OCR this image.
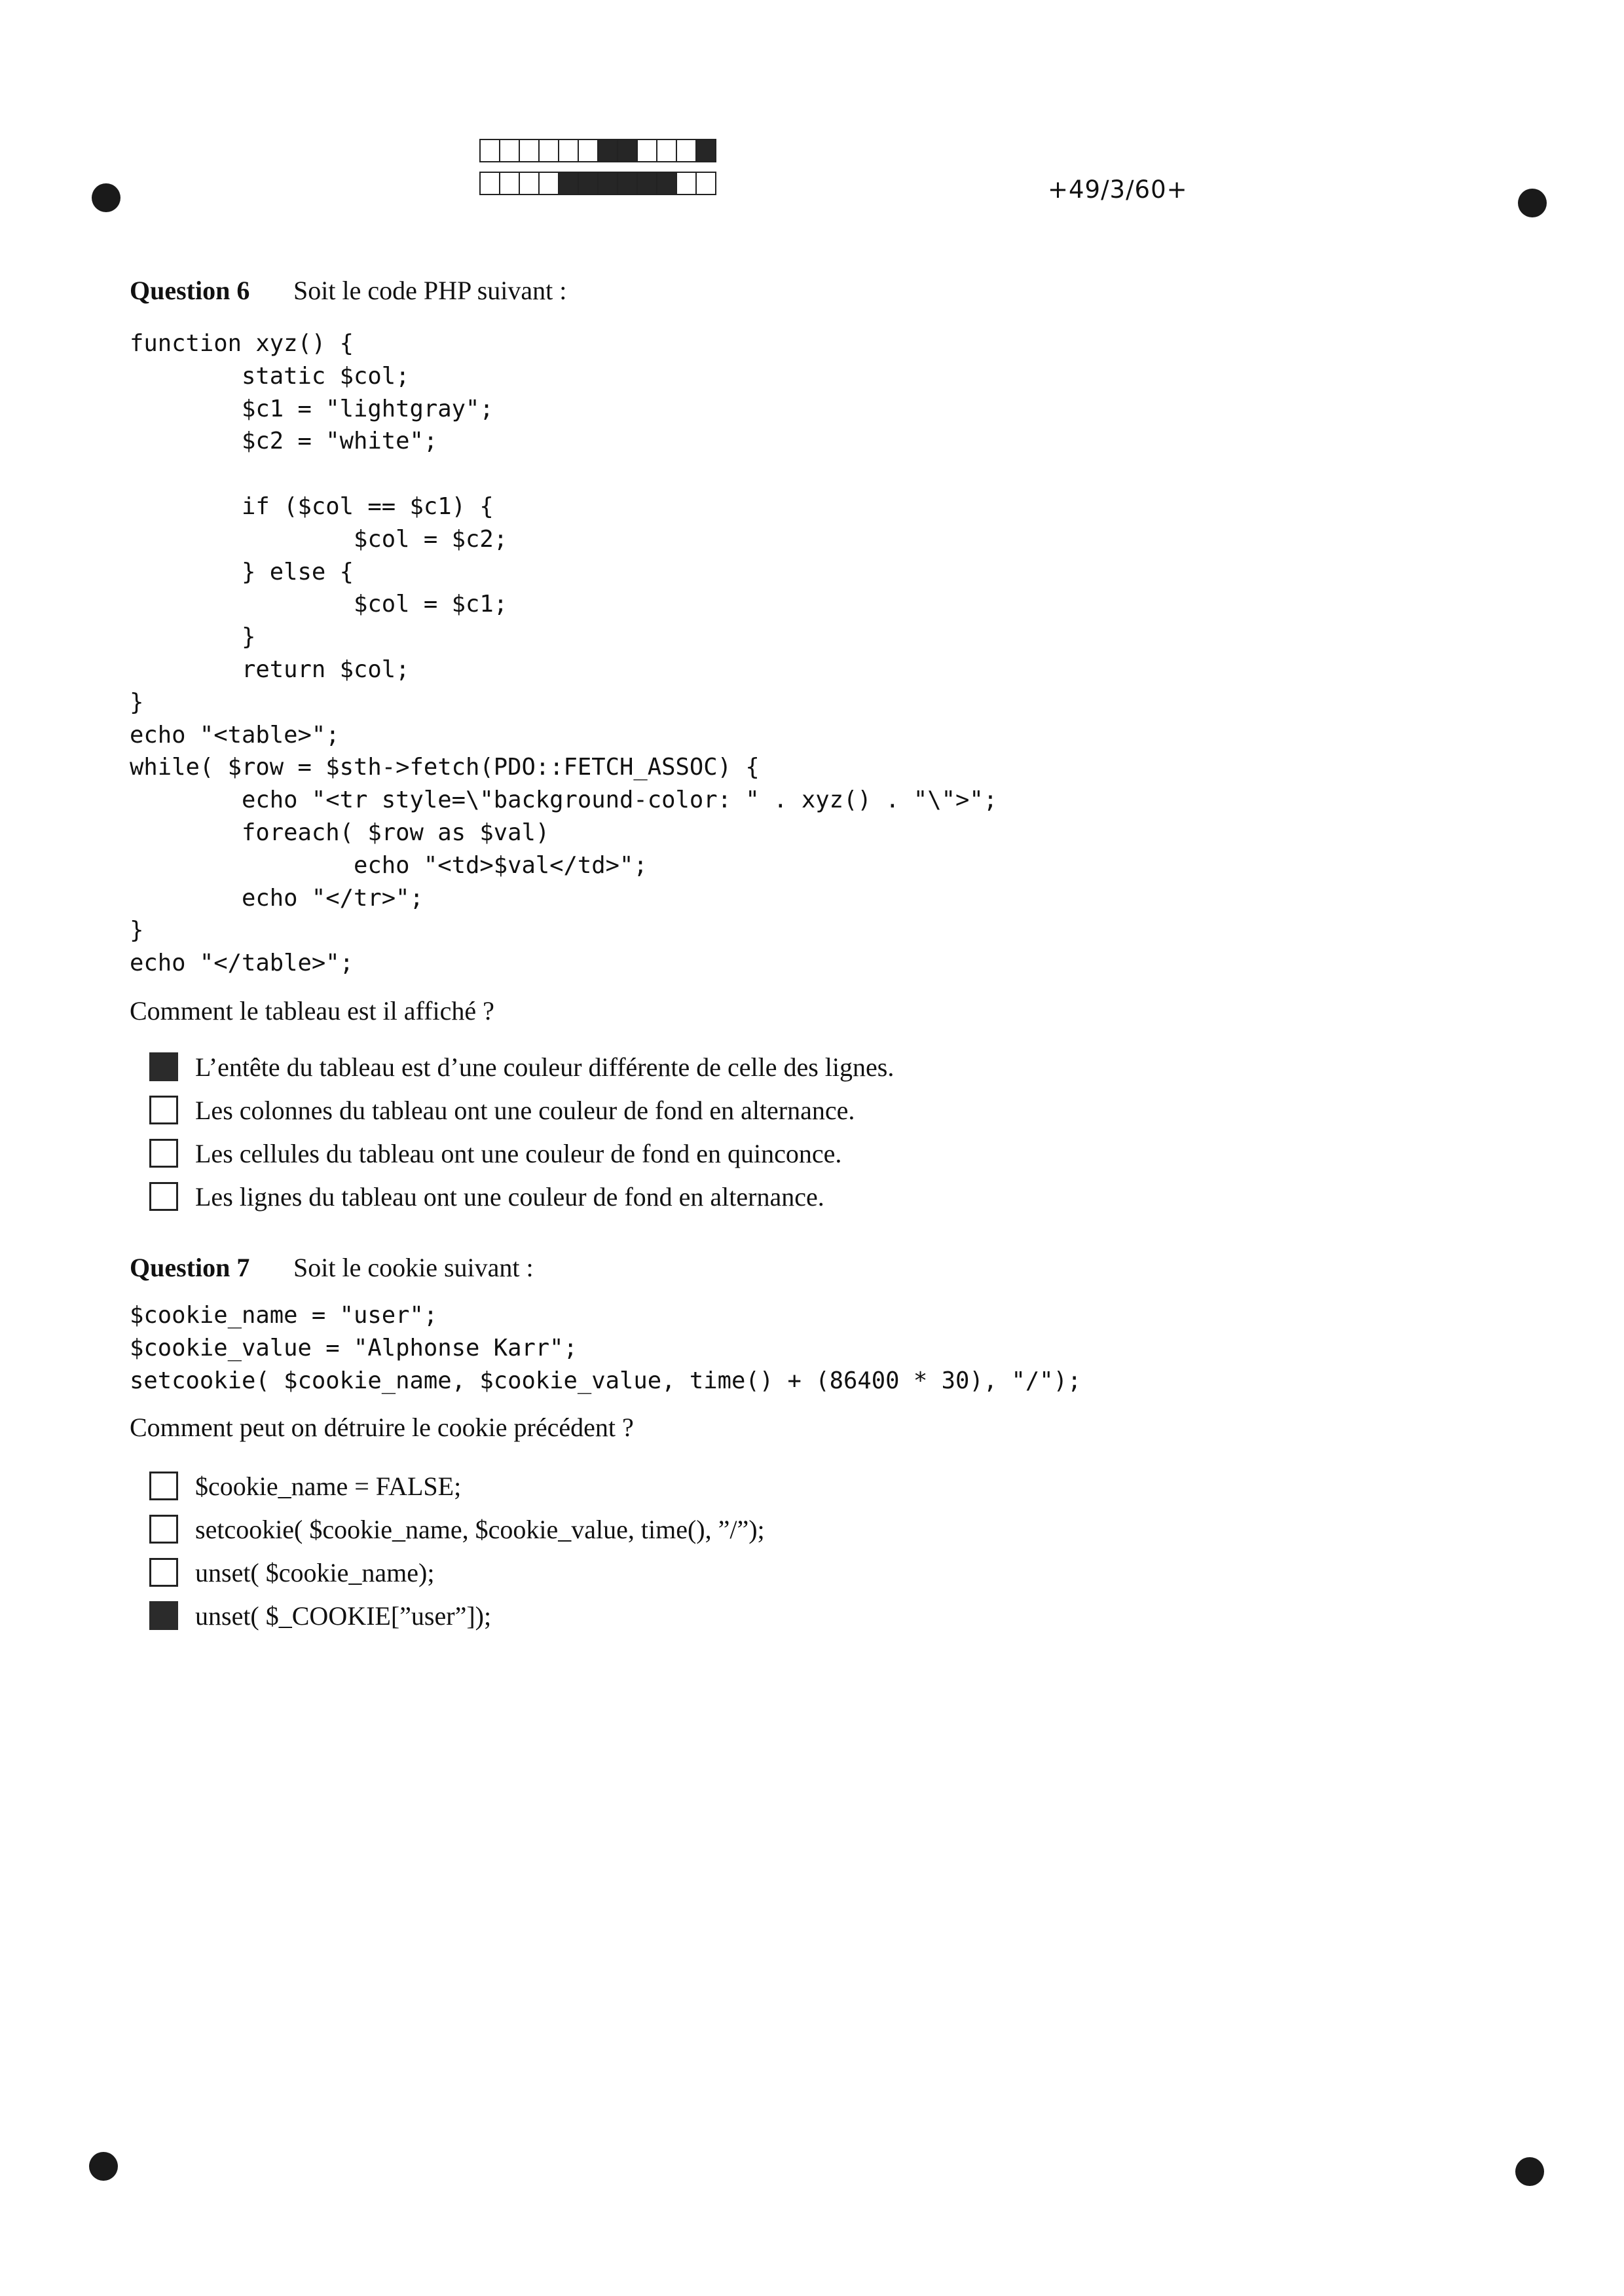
+49/3/60+
Question 6 Soit le code PHP suivant :
function xyz() {
static $col;
$c1 = "lightgray";
$c2 = "white";

if ($col == $c1) {
$col = $c2;
} else {
$col = $c1;
}
return $col;
}
echo "<table>";
while( $row = $sth->fetch(PDO::FETCH_ASSOC) {
echo "<tr style=\"background-color: " . xyz() . "\">";
foreach( $row as $val)
echo "<td>$val</td>";
echo "</tr>";
}
echo "</table>";
Comment le tableau est il affiché ?
L’entête du tableau est d’une couleur différente de celle des lignes.
Les colonnes du tableau ont une couleur de fond en alternance.
Les cellules du tableau ont une couleur de fond en quinconce.
Les lignes du tableau ont une couleur de fond en alternance.
Question 7 Soit le cookie suivant :
$cookie_name = "user";
$cookie_value = "Alphonse Karr";
setcookie( $cookie_name, $cookie_value, time() + (86400 * 30), "/");
Comment peut on détruire le cookie précédent ?
$cookie_name = FALSE;
setcookie( $cookie_name, $cookie_value, time(), ”/”);
unset( $cookie_name);
unset( $_COOKIE[”user”]);
